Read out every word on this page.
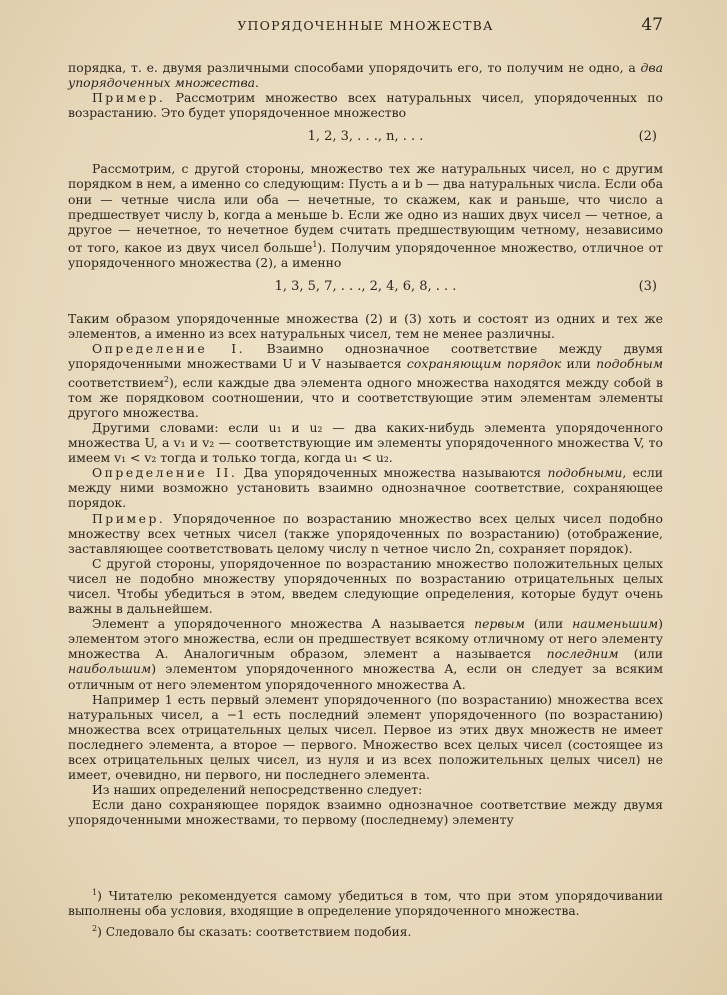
УПОРЯДОЧЕННЫЕ МНОЖЕСТВА	47

порядка, т. е. двумя различными способами упорядочить его, то получим не одно, а два упорядоченных множества.

Пример. Рассмотрим множество всех натуральных чисел, упорядоченных по возрастанию. Это будет упорядоченное множество

1, 2, 3, . . ., n, . . .	(2)

Рассмотрим, с другой стороны, множество тех же натуральных чисел, но с другим порядком в нем, а именно со следующим: Пусть a и b — два натуральных числа. Если оба они — четные числа или оба — нечетные, то скажем, как и раньше, что число a предшествует числу b, когда a меньше b. Если же одно из наших двух чисел — четное, а другое — нечетное, то нечетное будем считать предшествующим четному, независимо от того, какое из двух чисел больше$^1$). Получим упорядоченное множество, отличное от упорядоченного множества (2), а именно

1, 3, 5, 7, . . ., 2, 4, 6, 8, . . .	(3)

Таким образом упорядоченные множества (2) и (3) хоть и состоят из одних и тех же элементов, а именно из всех натуральных чисел, тем не менее различны.

Определение I. Взаимно однозначное соответствие между двумя упорядоченными множествами U и V называется сохраняющим порядок или подобным соответствием$^2$), если каждые два элемента одного множества находятся между собой в том же порядковом соотношении, что и соответствующие этим элементам элементы другого множества.

Другими словами: если u₁ и u₂ — два каких-нибудь элемента упорядоченного множества U, а v₁ и v₂ — соответствующие им элементы упорядоченного множества V, то имеем v₁ < v₂ тогда и только тогда, когда u₁ < u₂.

Определение II. Два упорядоченных множества называются подобными, если между ними возможно установить взаимно однозначное соответствие, сохраняющее порядок.

Пример. Упорядоченное по возрастанию множество всех целых чисел подобно множеству всех четных чисел (также упорядоченных по возрастанию) (отображение, заставляющее соответствовать целому числу n четное число 2n, сохраняет порядок).

С другой стороны, упорядоченное по возрастанию множество положительных целых чисел не подобно множеству упорядоченных по возрастанию отрицательных целых чисел. Чтобы убедиться в этом, введем следующие определения, которые будут очень важны в дальнейшем.

Элемент a упорядоченного множества A называется первым (или наименьшим) элементом этого множества, если он предшествует всякому отличному от него элементу множества A. Аналогичным образом, элемент a называется последним (или наибольшим) элементом упорядоченного множества A, если он следует за всяким отличным от него элементом упорядоченного множества A.

Например 1 есть первый элемент упорядоченного (по возрастанию) множества всех натуральных чисел, а −1 есть последний элемент упорядоченного (по возрастанию) множества всех отрицательных целых чисел. Первое из этих двух множеств не имеет последнего элемента, а второе — первого. Множество всех целых чисел (состоящее из всех отрицательных целых чисел, из нуля и из всех положительных целых чисел) не имеет, очевидно, ни первого, ни последнего элемента.

Из наших определений непосредственно следует:

Если дано сохраняющее порядок взаимно однозначное соответствие между двумя упорядоченными множествами, то первому (последнему) элементу

$^1$) Читателю рекомендуется самому убедиться в том, что при этом упорядочивании выполнены оба условия, входящие в определение упорядоченного множества.

$^2$) Следовало бы сказать: соответствием подобия.
